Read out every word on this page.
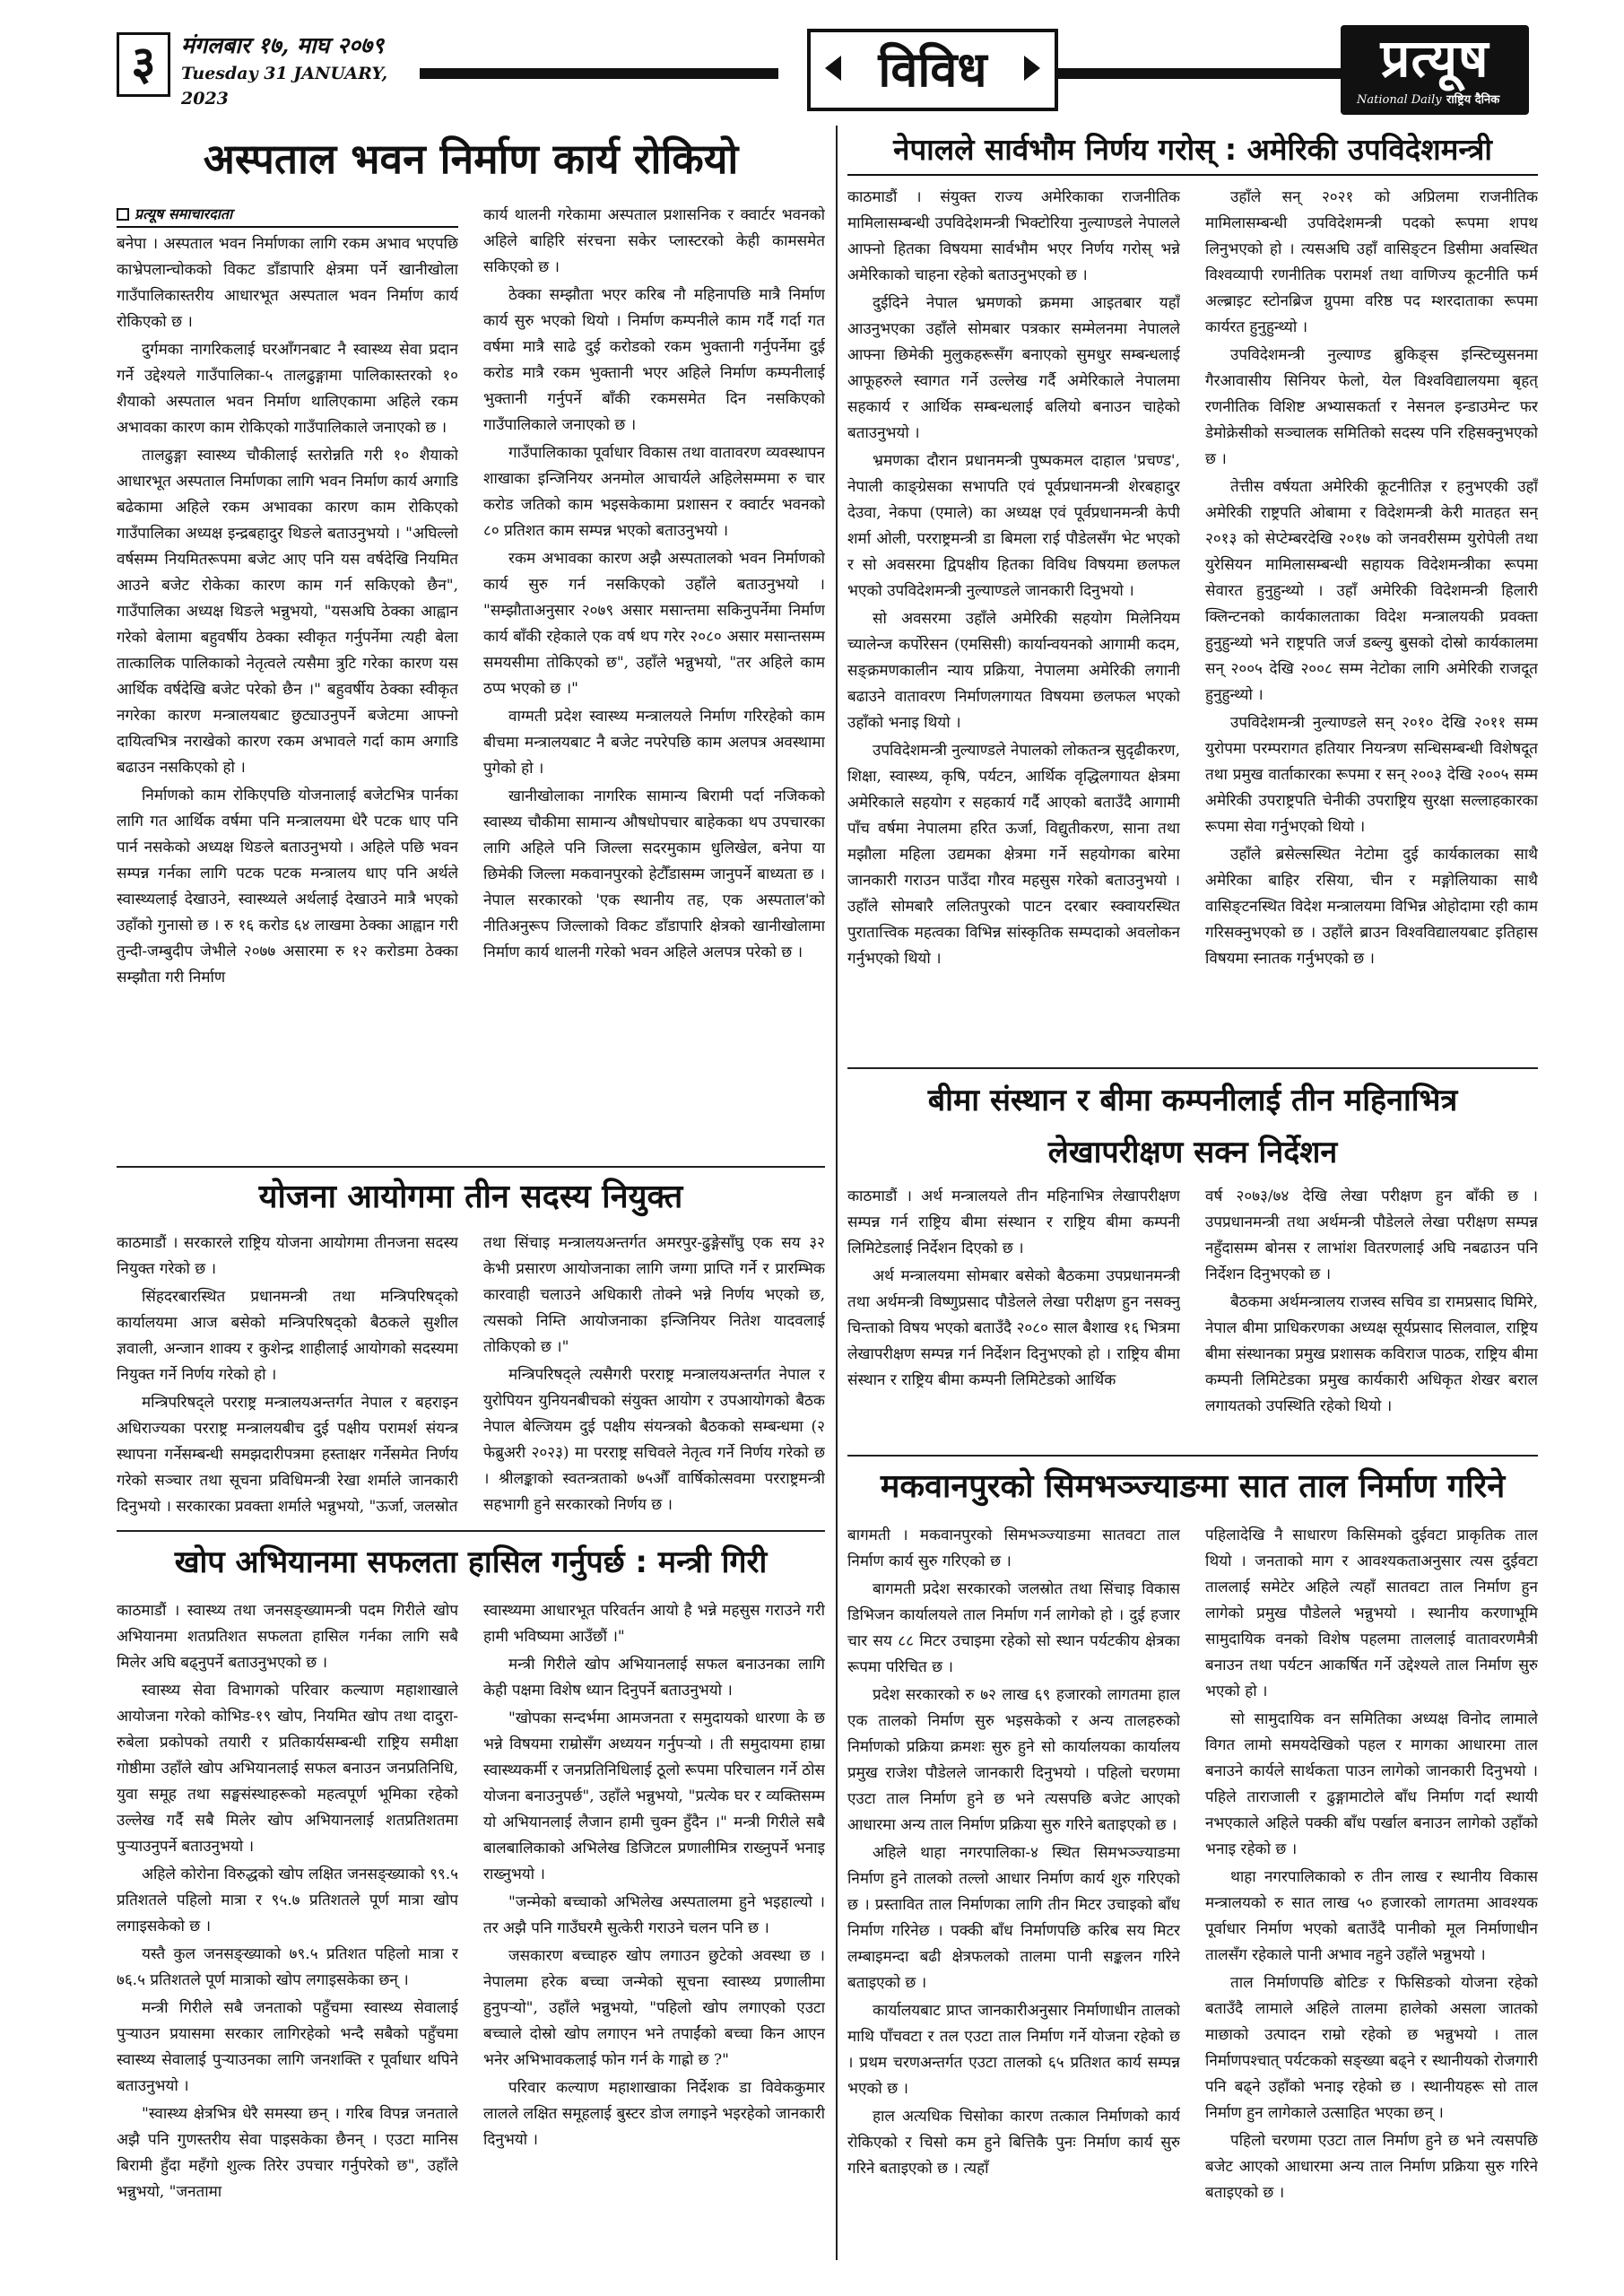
३	मंगलबार १७, माघ २०७९
Tuesday 31 JANUARY, 2023
विविध	प्रत्यूष
National Daily राष्ट्रिय दैनिक
अस्पताल भवन निर्माण कार्य रोकियो
प्रत्यूष समाचारदाता

बनेपा । अस्पताल भवन निर्माणका लागि रकम अभाव भएपछि काभ्रेपलान्चोकको विकट डाँडापारि क्षेत्रमा पर्ने खानीखोला गाउँपालिकास्तरीय आधारभूत अस्पताल भवन निर्माण कार्य रोकिएको छ ।

दुर्गमका नागरिकलाई घरआँगनबाट नै स्वास्थ्य सेवा प्रदान गर्ने उद्देश्यले गाउँपालिका-५ तालढुङ्गामा पालिकास्तरको १० शैयाको अस्पताल भवन निर्माण थालिएकामा अहिले रकम अभावका कारण काम रोकिएको गाउँपालिकाले जनाएको छ ।

तालढुङ्गा स्वास्थ्य चौकीलाई स्तरोन्नति गरी १० शैयाको आधारभूत अस्पताल निर्माणका लागि भवन निर्माण कार्य अगाडि बढेकामा अहिले रकम अभावका कारण काम रोकिएको गाउँपालिका अध्यक्ष इन्द्रबहादुर थिङले बताउनुभयो । "अघिल्लो वर्षसम्म नियमितरूपमा बजेट आए पनि यस वर्षदेखि नियमित आउने बजेट रोकेका कारण काम गर्न सकिएको छैन", गाउँपालिका अध्यक्ष थिङले भन्नुभयो, "यसअघि ठेक्का आह्वान गरेको बेलामा बहुवर्षीय ठेक्का स्वीकृत गर्नुपर्नेमा त्यही बेला तात्कालिक पालिकाको नेतृत्वले त्यसैमा त्रुटि गरेका कारण यस आर्थिक वर्षदेखि बजेट परेको छैन ।" बहुवर्षीय ठेक्का स्वीकृत नगरेका कारण मन्त्रालयबाट छुट्याउनुपर्ने बजेटमा आफ्नो दायित्वभित्र नराखेको कारण रकम अभावले गर्दा काम अगाडि बढाउन नसकिएको हो ।

निर्माणको काम रोकिएपछि योजनालाई बजेटभित्र पार्नका लागि गत आर्थिक वर्षमा पनि मन्त्रालयमा धेरै पटक धाए पनि पार्न नसकेको अध्यक्ष थिङले बताउनुभयो । अहिले पछि भवन सम्पन्न गर्नका लागि पटक पटक मन्त्रालय धाए पनि अर्थले स्वास्थ्यलाई देखाउने, स्वास्थ्यले अर्थलाई देखाउने मात्रै भएको उहाँको गुनासो छ । रु १६ करोड ६४ लाखमा ठेक्का आह्वान गरी तुन्दी-जम्बुदीप जेभीले २०७७ असारमा रु १२ करोडमा ठेक्का सम्झौता गरी निर्माण

कार्य थालनी गरेकामा अस्पताल प्रशासनिक र क्वार्टर भवनको अहिले बाहिरि संरचना सकेर प्लास्टरको केही कामसमेत सकिएको छ ।

ठेक्का सम्झौता भएर करिब नौ महिनापछि मात्रै निर्माण कार्य सुरु भएको थियो । निर्माण कम्पनीले काम गर्दै गर्दा गत वर्षमा मात्रै साढे दुई करोडको रकम भुक्तानी गर्नुपर्नेमा दुई करोड मात्रै रकम भुक्तानी भएर अहिले निर्माण कम्पनीलाई भुक्तानी गर्नुपर्ने बाँकी रकमसमेत दिन नसकिएको गाउँपालिकाले जनाएको छ ।

गाउँपालिकाका पूर्वाधार विकास तथा वातावरण व्यवस्थापन शाखाका इन्जिनियर अनमोल आचार्यले अहिलेसम्ममा रु चार करोड जतिको काम भइसकेकामा प्रशासन र क्वार्टर भवनको ८० प्रतिशत काम सम्पन्न भएको बताउनुभयो ।

रकम अभावका कारण अझै अस्पतालको भवन निर्माणको कार्य सुरु गर्न नसकिएको उहाँले बताउनुभयो । "सम्झौताअनुसार २०७९ असार मसान्तमा सकिनुपर्नेमा निर्माण कार्य बाँकी रहेकाले एक वर्ष थप गरेर २०८० असार मसान्तसम्म समयसीमा तोकिएको छ", उहाँले भन्नुभयो, "तर अहिले काम ठप्प भएको छ ।"

वाग्मती प्रदेश स्वास्थ्य मन्त्रालयले निर्माण गरिरहेको काम बीचमा मन्त्रालयबाट नै बजेट नपरेपछि काम अलपत्र अवस्थामा पुगेको हो ।

खानीखोलाका नागरिक सामान्य बिरामी पर्दा नजिकको स्वास्थ्य चौकीमा सामान्य औषधोपचार बाहेकका थप उपचारका लागि अहिले पनि जिल्ला सदरमुकाम धुलिखेल, बनेपा या छिमेकी जिल्ला मकवानपुरको हेटौँडासम्म जानुपर्ने बाध्यता छ । नेपाल सरकारको 'एक स्थानीय तह, एक अस्पताल'को नीतिअनुरूप जिल्लाको विकट डाँडापारि क्षेत्रको खानीखोलामा निर्माण कार्य थालनी गरेको भवन अहिले अलपत्र परेको छ ।

नेपालले सार्वभौम निर्णय गरोस् : अमेरिकी उपविदेशमन्त्री

काठमाडौं । संयुक्त राज्य अमेरिकाका राजनीतिक मामिलासम्बन्धी उपविदेशमन्त्री भिक्टोरिया नुल्याण्डले नेपालले आफ्नो हितका विषयमा सार्वभौम भएर निर्णय गरोस् भन्ने अमेरिकाको चाहना रहेको बताउनुभएको छ ।

दुईदिने नेपाल भ्रमणको क्रममा आइतबार यहाँ आउनुभएका उहाँले सोमबार पत्रकार सम्मेलनमा नेपालले आफ्ना छिमेकी मुलुकहरूसँग बनाएको सुमधुर सम्बन्धलाई आफूहरुले स्वागत गर्ने उल्लेख गर्दै अमेरिकाले नेपालमा सहकार्य र आर्थिक सम्बन्धलाई बलियो बनाउन चाहेको बताउनुभयो ।

भ्रमणका दौरान प्रधानमन्त्री पुष्पकमल दाहाल 'प्रचण्ड', नेपाली काङ्ग्रेसका सभापति एवं पूर्वप्रधानमन्त्री शेरबहादुर देउवा, नेकपा (एमाले) का अध्यक्ष एवं पूर्वप्रधानमन्त्री केपी शर्मा ओली, परराष्ट्रमन्त्री डा बिमला राई पौडेलसँग भेट भएको र सो अवसरमा द्विपक्षीय हितका विविध विषयमा छलफल भएको उपविदेशमन्त्री नुल्याण्डले जानकारी दिनुभयो ।

सो अवसरमा उहाँले अमेरिकी सहयोग मिलेनियम च्यालेन्ज कर्पोरेसन (एमसिसी) कार्यान्वयनको आगामी कदम, सङ्क्रमणकालीन न्याय प्रक्रिया, नेपालमा अमेरिकी लगानी बढाउने वातावरण निर्माणलगायत विषयमा छलफल भएको उहाँको भनाइ थियो ।

उपविदेशमन्त्री नुल्याण्डले नेपालको लोकतन्त्र सुदृढीकरण, शिक्षा, स्वास्थ्य, कृषि, पर्यटन, आर्थिक वृद्धिलगायत क्षेत्रमा अमेरिकाले सहयोग र सहकार्य गर्दै आएको बताउँदै आगामी पाँच वर्षमा नेपालमा हरित ऊर्जा, विद्युतीकरण, साना तथा मझौला महिला उद्यमका क्षेत्रमा गर्ने सहयोगका बारेमा जानकारी गराउन पाउँदा गौरव महसुस गरेको बताउनुभयो । उहाँले सोमबारै ललितपुरको पाटन दरबार स्क्वायरस्थित पुरातात्त्विक महत्वका विभिन्न सांस्कृतिक सम्पदाको अवलोकन गर्नुभएको थियो ।

उहाँले सन् २०२१ को अप्रिलमा राजनीतिक मामिलासम्बन्धी उपविदेशमन्त्री पदको रूपमा शपथ लिनुभएको हो । त्यसअघि उहाँ वासिङ्टन डिसीमा अवस्थित विश्वव्यापी रणनीतिक परामर्श तथा वाणिज्य कूटनीति फर्म अल्ब्राइट स्टोनब्रिज ग्रुपमा वरिष्ठ पद म्शरदाताका रूपमा कार्यरत हुनुहुन्थ्यो ।

उपविदेशमन्त्री नुल्याण्ड ब्रुकिङ्स इन्स्टिच्युसनमा गैरआवासीय सिनियर फेलो, येल विश्वविद्यालयमा बृहत् रणनीतिक विशिष्ट अभ्यासकर्ता र नेसनल इन्डाउमेन्ट फर डेमोक्रेसीको सञ्चालक समितिको सदस्य पनि रहिसक्नुभएको छ ।

तेत्तीस वर्षयता अमेरिकी कूटनीतिज्ञ र हनुभएकी उहाँ अमेरिकी राष्ट्रपति ओबामा र विदेशमन्त्री केरी मातहत सन् २०१३ को सेप्टेम्बरदेखि २०१७ को जनवरीसम्म युरोपेली तथा युरेसियन मामिलासम्बन्धी सहायक विदेशमन्त्रीका रूपमा सेवारत हुनुहुन्थ्यो । उहाँ अमेरिकी विदेशमन्त्री हिलारी क्लिन्टनको कार्यकालताका विदेश मन्त्रालयकी प्रवक्ता हुनुहुन्थ्यो भने राष्ट्रपति जर्ज डब्ल्यु बुसको दोस्रो कार्यकालमा सन् २००५ देखि २००८ सम्म नेटोका लागि अमेरिकी राजदूत हुनुहुन्थ्यो ।

उपविदेशमन्त्री नुल्याण्डले सन् २०१० देखि २०११ सम्म युरोपमा परम्परागत हतियार नियन्त्रण सन्धिसम्बन्धी विशेषदूत तथा प्रमुख वार्ताकारका रूपमा र सन् २००३ देखि २००५ सम्म अमेरिकी उपराष्ट्रपति चेनीकी उपराष्ट्रिय सुरक्षा सल्लाहकारका रूपमा सेवा गर्नुभएको थियो ।

उहाँले ब्रसेल्सस्थित नेटोमा दुई कार्यकालका साथै अमेरिका बाहिर रसिया, चीन र मङ्गोलियाका साथै वासिङ्टनस्थित विदेश मन्त्रालयमा विभिन्न ओहोदामा रही काम गरिसक्नुभएको छ । उहाँले ब्राउन विश्वविद्यालयबाट इतिहास विषयमा स्नातक गर्नुभएको छ ।

बीमा संस्थान र बीमा कम्पनीलाई तीन महिनाभित्र
लेखापरीक्षण सक्न निर्देशन

काठमाडौं । अर्थ मन्त्रालयले तीन महिनाभित्र लेखापरीक्षण सम्पन्न गर्न राष्ट्रिय बीमा संस्थान र राष्ट्रिय बीमा कम्पनी लिमिटेडलाई निर्देशन दिएको छ ।

अर्थ मन्त्रालयमा सोमबार बसेको बैठकमा उपप्रधानमन्त्री तथा अर्थमन्त्री विष्णुप्रसाद पौडेलले लेखा परीक्षण हुन नसक्नु चिन्ताको विषय भएको बताउँदै २०८० साल बैशाख १६ भित्रमा लेखापरीक्षण सम्पन्न गर्न निर्देशन दिनुभएको हो । राष्ट्रिय बीमा संस्थान र राष्ट्रिय बीमा कम्पनी लिमिटेडको आर्थिक

वर्ष २०७३/७४ देखि लेखा परीक्षण हुन बाँकी छ । उपप्रधानमन्त्री तथा अर्थमन्त्री पौडेलले लेखा परीक्षण सम्पन्न नहुँदासम्म बोनस र लाभांश वितरणलाई अघि नबढाउन पनि निर्देशन दिनुभएको छ ।

बैठकमा अर्थमन्त्रालय राजस्व सचिव डा रामप्रसाद घिमिरे, नेपाल बीमा प्राधिकरणका अध्यक्ष सूर्यप्रसाद सिलवाल, राष्ट्रिय बीमा संस्थानका प्रमुख प्रशासक कविराज पाठक, राष्ट्रिय बीमा कम्पनी लिमिटेडका प्रमुख कार्यकारी अधिकृत शेखर बराल लगायतको उपस्थिति रहेको थियो ।

योजना आयोगमा तीन सदस्य नियुक्त

काठमाडौं । सरकारले राष्ट्रिय योजना आयोगमा तीनजना सदस्य नियुक्त गरेको छ ।

सिंहदरबारस्थित प्रधानमन्त्री तथा मन्त्रिपरिषद्को कार्यालयमा आज बसेको मन्त्रिपरिषद्को बैठकले सुशील ज्ञवाली, अन्जान शाक्य र कुशेन्द्र शाहीलाई आयोगको सदस्यमा नियुक्त गर्ने निर्णय गरेको हो ।

मन्त्रिपरिषद्ले परराष्ट्र मन्त्रालयअन्तर्गत नेपाल र बहराइन अधिराज्यका परराष्ट्र मन्त्रालयबीच दुई पक्षीय परामर्श संयन्त्र स्थापना गर्नेसम्बन्धी समझदारीपत्रमा हस्ताक्षर गर्नेसमेत निर्णय गरेको सञ्चार तथा सूचना प्रविधिमन्त्री रेखा शर्माले जानकारी दिनुभयो । सरकारका प्रवक्ता शर्माले भन्नुभयो, "ऊर्जा, जलस्रोत

तथा सिंचाइ मन्त्रालयअन्तर्गत अमरपुर-ढुङ्गेसाँघु एक सय ३२ केभी प्रसारण आयोजनाका लागि जग्गा प्राप्ति गर्ने र प्रारम्भिक कारवाही चलाउने अधिकारी तोक्ने भन्ने निर्णय भएको छ, त्यसको निम्ति आयोजनाका इन्जिनियर नितेश यादवलाई तोकिएको छ ।"

मन्त्रिपरिषद्ले त्यसैगरी परराष्ट्र मन्त्रालयअन्तर्गत नेपाल र युरोपियन युनियनबीचको संयुक्त आयोग र उपआयोगको बैठक नेपाल बेल्जियम दुई पक्षीय संयन्त्रको बैठकको सम्बन्धमा (२ फेब्रुअरी २०२३) मा परराष्ट्र सचिवले नेतृत्व गर्ने निर्णय गरेको छ । श्रीलङ्काको स्वतन्त्रताको ७५औँ वार्षिकोत्सवमा परराष्ट्रमन्त्री सहभागी हुने सरकारको निर्णय छ ।

खोप अभियानमा सफलता हासिल गर्नुपर्छ : मन्त्री गिरी

काठमाडौं । स्वास्थ्य तथा जनसङ्ख्यामन्त्री पदम गिरीले खोप अभियानमा शतप्रतिशत सफलता हासिल गर्नका लागि सबै मिलेर अघि बढ्नुपर्ने बताउनुभएको छ ।

स्वास्थ्य सेवा विभागको परिवार कल्याण महाशाखाले आयोजना गरेको कोभिड-१९ खोप, नियमित खोप तथा दादुरा-रुबेला प्रकोपको तयारी र प्रतिकार्यसम्बन्धी राष्ट्रिय समीक्षा गोष्ठीमा उहाँले खोप अभियानलाई सफल बनाउन जनप्रतिनिधि, युवा समूह तथा सङ्घसंस्थाहरूको महत्वपूर्ण भूमिका रहेको उल्लेख गर्दै सबै मिलेर खोप अभियानलाई शतप्रतिशतमा पुऱ्याउनुपर्ने बताउनुभयो ।

अहिले कोरोना विरुद्धको खोप लक्षित जनसङ्ख्याको ९९.५ प्रतिशतले पहिलो मात्रा र ९५.७ प्रतिशतले पूर्ण मात्रा खोप लगाइसकेको छ ।

यस्तै कुल जनसङ्ख्याको ७९.५ प्रतिशत पहिलो मात्रा र ७६.५ प्रतिशतले पूर्ण मात्राको खोप लगाइसकेका छन् ।

मन्त्री गिरीले सबै जनताको पहुँचमा स्वास्थ्य सेवालाई पुऱ्याउन प्रयासमा सरकार लागिरहेको भन्दै सबैको पहुँचमा स्वास्थ्य सेवालाई पुऱ्याउनका लागि जनशक्ति र पूर्वाधार थपिने बताउनुभयो ।

"स्वास्थ्य क्षेत्रभित्र धेरै समस्या छन् । गरिब विपन्न जनताले अझै पनि गुणस्तरीय सेवा पाइसकेका छैनन् । एउटा मानिस बिरामी हुँदा महँगो शुल्क तिरेर उपचार गर्नुपरेको छ", उहाँले भन्नुभयो, "जनतामा

स्वास्थ्यमा आधारभूत परिवर्तन आयो है भन्ने महसुस गराउने गरी हामी भविष्यमा आउँछौं ।"

मन्त्री गिरीले खोप अभियानलाई सफल बनाउनका लागि केही पक्षमा विशेष ध्यान दिनुपर्ने बताउनुभयो ।

"खोपका सन्दर्भमा आमजनता र समुदायको धारणा के छ भन्ने विषयमा राम्रोसँग अध्ययन गर्नुपऱ्यो । ती समुदायमा हाम्रा स्वास्थ्यकर्मी र जनप्रतिनिधिलाई ठूलो रूपमा परिचालन गर्ने ठोस योजना बनाउनुपर्छ", उहाँले भन्नुभयो, "प्रत्येक घर र व्यक्तिसम्म यो अभियानलाई लैजान हामी चुक्न हुँदैन ।" मन्त्री गिरीले सबै बालबालिकाको अभिलेख डिजिटल प्रणालीमित्र राख्नुपर्ने भनाइ राख्नुभयो ।

"जन्मेको बच्चाको अभिलेख अस्पतालमा हुने भइहाल्यो । तर अझै पनि गाउँघरमै सुत्केरी गराउने चलन पनि छ ।

जसकारण बच्चाहरु खोप लगाउन छुटेको अवस्था छ । नेपालमा हरेक बच्चा जन्मेको सूचना स्वास्थ्य प्रणालीमा हुनुपऱ्यो", उहाँले भन्नुभयो, "पहिलो खोप लगाएको एउटा बच्चाले दोस्रो खोप लगाएन भने तपाईंको बच्चा किन आएन भनेर अभिभावकलाई फोन गर्न के गाह्रो छ ?"

परिवार कल्याण महाशाखाका निर्देशक डा विवेककुमार लालले लक्षित समूहलाई बुस्टर डोज लगाइने भइरहेको जानकारी दिनुभयो ।

मकवानपुरको सिमभञ्ज्याङमा सात ताल निर्माण गरिने

बागमती । मकवानपुरको सिमभञ्ज्याङमा सातवटा ताल निर्माण कार्य सुरु गरिएको छ ।

बागमती प्रदेश सरकारको जलस्रोत तथा सिंचाइ विकास डिभिजन कार्यालयले ताल निर्माण गर्न लागेको हो । दुई हजार चार सय ८८ मिटर उचाइमा रहेको सो स्थान पर्यटकीय क्षेत्रका रूपमा परिचित छ ।

प्रदेश सरकारको रु ७२ लाख ६९ हजारको लागतमा हाल एक तालको निर्माण सुरु भइसकेको र अन्य तालहरुको निर्माणको प्रक्रिया क्रमशः सुरु हुने सो कार्यालयका कार्यालय प्रमुख राजेश पौडेलले जानकारी दिनुभयो । पहिलो चरणमा एउटा ताल निर्माण हुने छ भने त्यसपछि बजेट आएको आधारमा अन्य ताल निर्माण प्रक्रिया सुरु गरिने बताइएको छ ।

अहिले थाहा नगरपालिका-४ स्थित सिमभञ्ज्याङमा निर्माण हुने तालको तल्लो आधार निर्माण कार्य शुरु गरिएको छ । प्रस्तावित ताल निर्माणका लागि तीन मिटर उचाइको बाँध निर्माण गरिनेछ । पक्की बाँध निर्माणपछि करिब सय मिटर लम्बाइमन्दा बढी क्षेत्रफलको तालमा पानी सङ्कलन गरिने बताइएको छ ।

कार्यालयबाट प्राप्त जानकारीअनुसार निर्माणाधीन तालको माथि पाँचवटा र तल एउटा ताल निर्माण गर्ने योजना रहेको छ । प्रथम चरणअन्तर्गत एउटा तालको ६५ प्रतिशत कार्य सम्पन्न भएको छ ।

हाल अत्यधिक चिसोका कारण तत्काल निर्माणको कार्य रोकिएको र चिसो कम हुने बित्तिकै पुनः निर्माण कार्य सुरु गरिने बताइएको छ । त्यहाँ

पहिलादेखि नै साधारण किसिमको दुईवटा प्राकृतिक ताल थियो । जनताको माग र आवश्यकताअनुसार त्यस दुईवटा ताललाई समेटेर अहिले त्यहाँ सातवटा ताल निर्माण हुन लागेको प्रमुख पौडेलले भन्नुभयो । स्थानीय करणाभूमि सामुदायिक वनको विशेष पहलमा ताललाई वातावरणमैत्री बनाउन तथा पर्यटन आकर्षित गर्ने उद्देश्यले ताल निर्माण सुरु भएको हो ।

सो सामुदायिक वन समितिका अध्यक्ष विनोद लामाले विगत लामो समयदेखिको पहल र मागका आधारमा ताल बनाउने कार्यले सार्थकता पाउन लागेको जानकारी दिनुभयो । पहिले ताराजाली र ढुङ्गामाटोले बाँध निर्माण गर्दा स्थायी नभएकाले अहिले पक्की बाँध पर्खाल बनाउन लागेको उहाँको भनाइ रहेको छ ।

थाहा नगरपालिकाको रु तीन लाख र स्थानीय विकास मन्त्रालयको रु सात लाख ५० हजारको लागतमा आवश्यक पूर्वाधार निर्माण भएको बताउँदै पानीको मूल निर्माणाधीन तालसँग रहेकाले पानी अभाव नहुने उहाँले भन्नुभयो ।

ताल निर्माणपछि बोटिङ र फिसिङको योजना रहेको बताउँदै लामाले अहिले तालमा हालेको असला जातको माछाको उत्पादन राम्रो रहेको छ भन्नुभयो । ताल निर्माणपश्चात् पर्यटकको सङ्ख्या बढ्ने र स्थानीयको रोजगारी पनि बढ्ने उहाँको भनाइ रहेको छ । स्थानीयहरू सो ताल निर्माण हुन लागेकाले उत्साहित भएका छन् ।

पहिलो चरणमा एउटा ताल निर्माण हुने छ भने त्यसपछि बजेट आएको आधारमा अन्य ताल निर्माण प्रक्रिया सुरु गरिने बताइएको छ ।
